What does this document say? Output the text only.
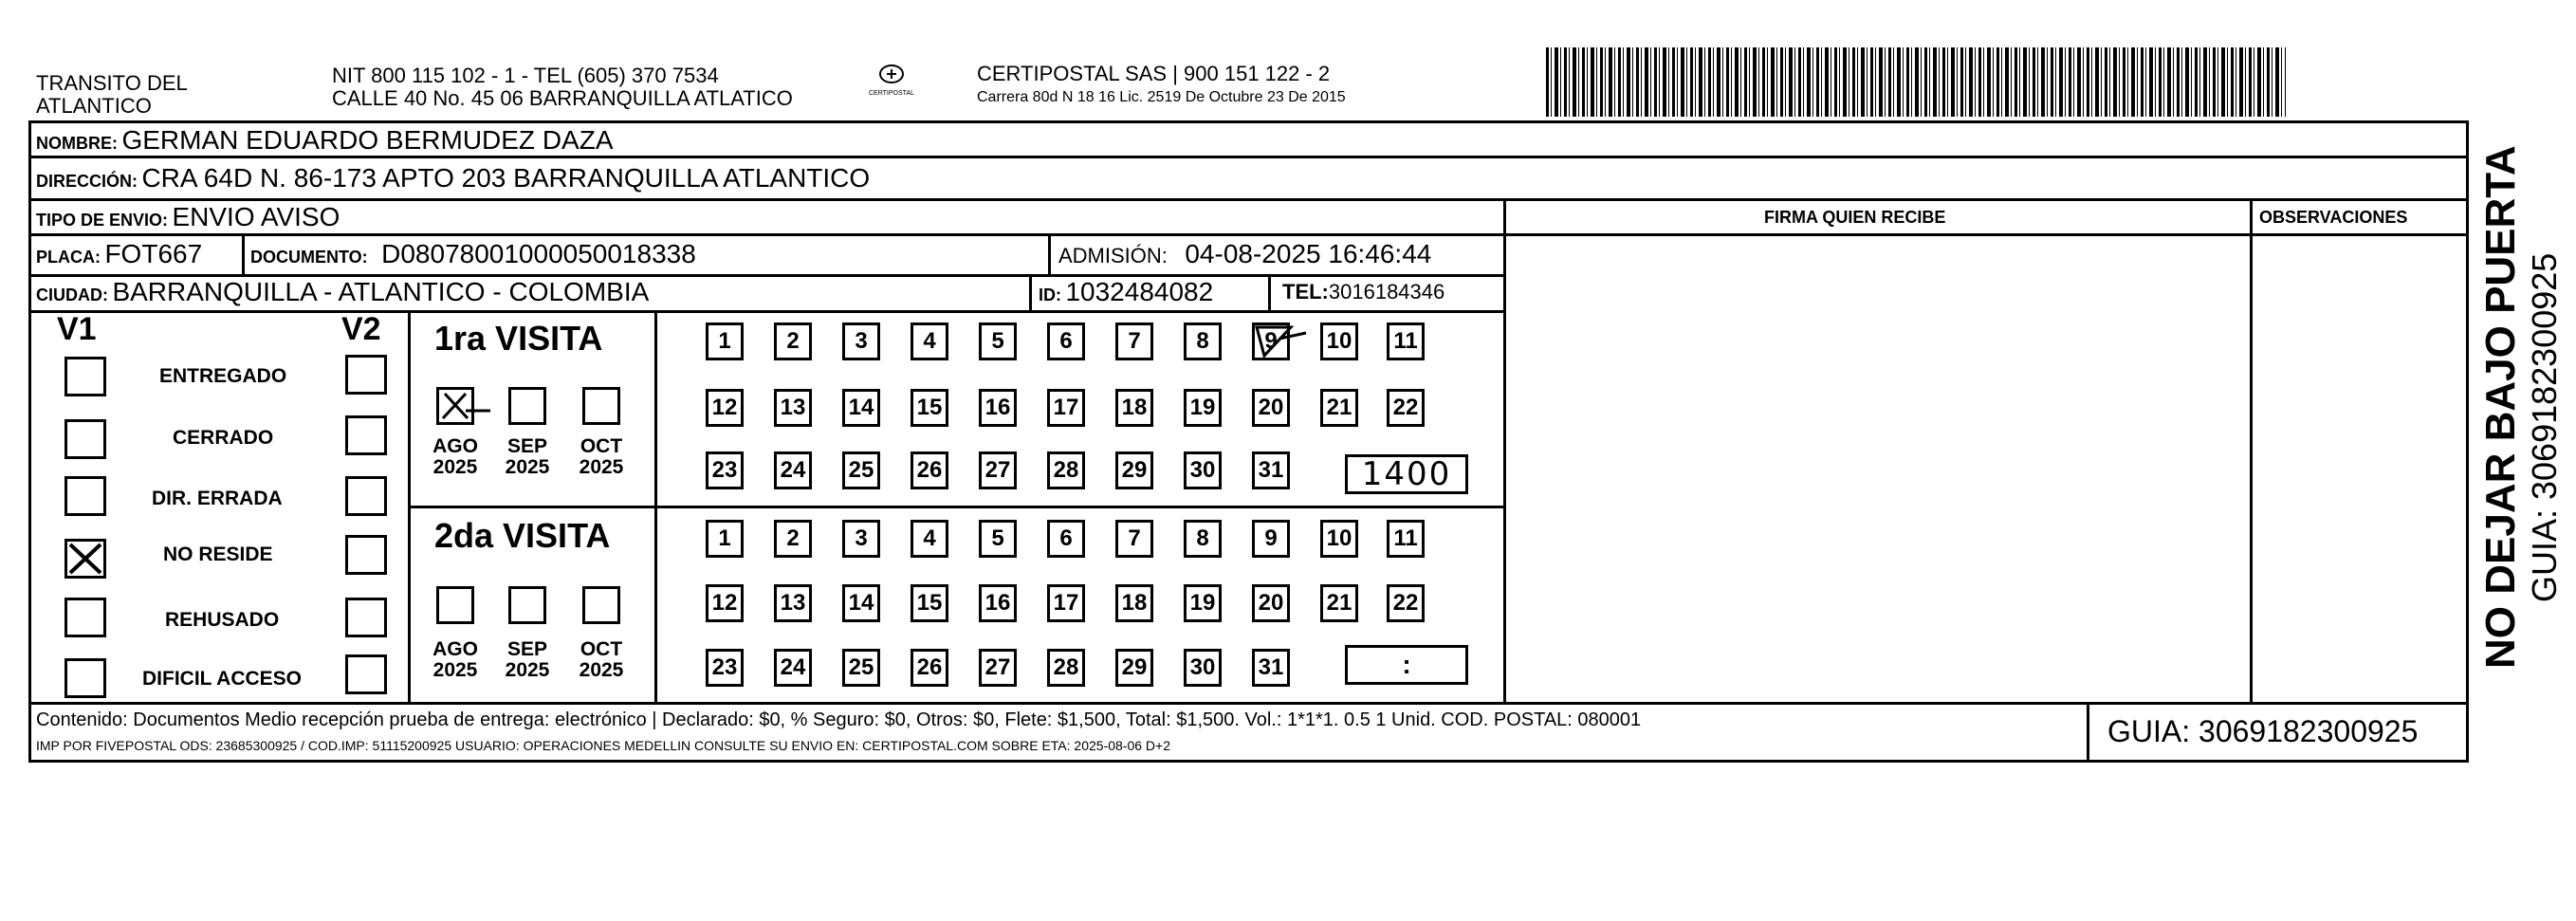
TRANSITO DEL
ATLANTICO
NIT 800 115 102 - 1 - TEL (605) 370 7534
CALLE 40 No. 45 06 BARRANQUILLA ATLATICO	CERTIPOSTAL
CERTIPOSTAL SAS | 900 151 122 - 2
Carrera 80d N 18 16 Lic. 2519 De Octubre 23 De 2015
NOMBRE: GERMAN EDUARDO BERMUDEZ DAZA
DIRECCIÓN: CRA 64D N. 86-173 APTO 203 BARRANQUILLA ATLANTICO
TIPO DE ENVIO: ENVIO AVISO	FIRMA QUIEN RECIBE	OBSERVACIONES
PLACA: FOT667	DOCUMENTO: D08078001000050018338	ADMISIÓN: 04-08-2025 16:46:44
CIUDAD: BARRANQUILLA - ATLANTICO - COLOMBIA	ID: 1032484082	TEL:3016184346
V1	V2
ENTREGADO
CERRADO
DIR. ERRADA
NO RESIDE
REHUSADO
DIFICIL ACCESO
1ra VISITA
2da VISITA
AGO
2025
SEP
2025
OCT
2025
AGO
2025
SEP
2025
OCT
2025
1	2	3	4	5	6	7	8	9	10	11
12 13 14 15 16 17 18 19 20 21 22
23 24 25 26 27 28 29 30 31
1	2	3	4	5	6	7	8	9	10	11
12 13 14 15 16 17 18 19 20 21 22
23 24 25 26 27 28 29 30 31
1400
:
Contenido: Documentos Medio recepción prueba de entrega: electrónico | Declarado: $0, % Seguro: $0, Otros: $0, Flete: $1,500, Total: $1,500. Vol.: 1*1*1. 0.5 1 Unid. COD. POSTAL: 080001
IMP POR FIVEPOSTAL ODS: 23685300925 / COD.IMP: 51115200925 USUARIO: OPERACIONES MEDELLIN CONSULTE SU ENVIO EN: CERTIPOSTAL.COM SOBRE ETA: 2025-08-06 D+2	GUIA: 3069182300925
NO DEJAR BAJO PUERTA GUIA: 3069182300925
